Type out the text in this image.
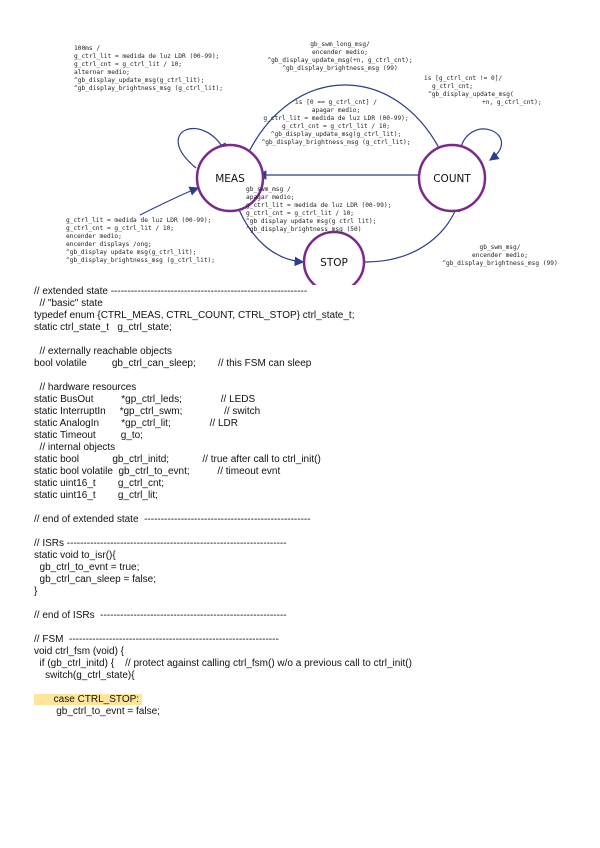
MEAS	COUNT
STOP
100ms /
g_ctrl_lit = medida de luz LDR (00-99);
g_ctrl_cnt = g_ctrl_lit / 10;
alternar medio;
^gb_display_update_msg(g_ctrl_lit);
^gb_display_brightness_msg (g_ctrl_lit);
gb_swm_long_msg/
encender medio;
^gb_display_update_msg(+n, g_ctrl_cnt);
^gb_display_brightness_msg (99)
is [g_ctrl_cnt != 0]/
g_ctrl_cnt;
^gb_display_update_msg(
+n, g_ctrl_cnt);
is [0 == g_ctrl_cnt] /
apagar medio;
g_ctrl_lit = medida de luz LDR (00-99);
g_ctrl_cnt = g_ctrl_lit / 10;
^gb_display_update_msg(g_ctrl_lit);
^gb_display_brightness_msg (g_ctrl_lit);
gb_swm_msg /
apagar medio;
g_ctrl_lit = medida de luz LDR (00-99);
g_ctrl_cnt = g_ctrl_lit / 10;
^gb display update msg(g ctrl lit);
^gb_display_brightness_msg (50)
g_ctrl_lit = medida de luz LDR (00-99);
g_ctrl_cnt = g_ctrl_lit / 10;
encender medio;
encender displays /ong;
^gb_display update msg(g_ctrl_lit);
^gb_display_brightness_msg (g_ctrl_lit);
gb_swm_msg/
encender medio;
^gb_display_brightness_msg (99)
// extended state -----------------------------------------------------------
// "basic" state
typedef enum {CTRL_MEAS, CTRL_COUNT, CTRL_STOP} ctrl_state_t;
static ctrl_state_t   g_ctrl_state;
// externally reachable objects
bool volatile         gb_ctrl_can_sleep;        // this FSM can sleep
// hardware resources
static BusOut          *gp_ctrl_leds;              // LEDS
static InterruptIn     *gp_ctrl_swm;               // switch
static AnalogIn        *gp_ctrl_lit;              // LDR
static Timeout         g_to;
// internal objects
static bool            gb_ctrl_initd;            // true after call to ctrl_init()
static bool volatile  gb_ctrl_to_evnt;          // timeout evnt
static uint16_t        g_ctrl_cnt;
static uint16_t        g_ctrl_lit;
// end of extended state  --------------------------------------------------
// ISRs ------------------------------------------------------------------
static void to_isr(){
gb_ctrl_to_evnt = true;
gb_ctrl_can_sleep = false;
}
// end of ISRs  --------------------------------------------------------
// FSM  ---------------------------------------------------------------
void ctrl_fsm (void) {
if (gb_ctrl_initd) {    // protect against calling ctrl_fsm() w/o a previous call to ctrl_init()
switch(g_ctrl_state){
case CTRL_STOP:
gb_ctrl_to_evnt = false;
